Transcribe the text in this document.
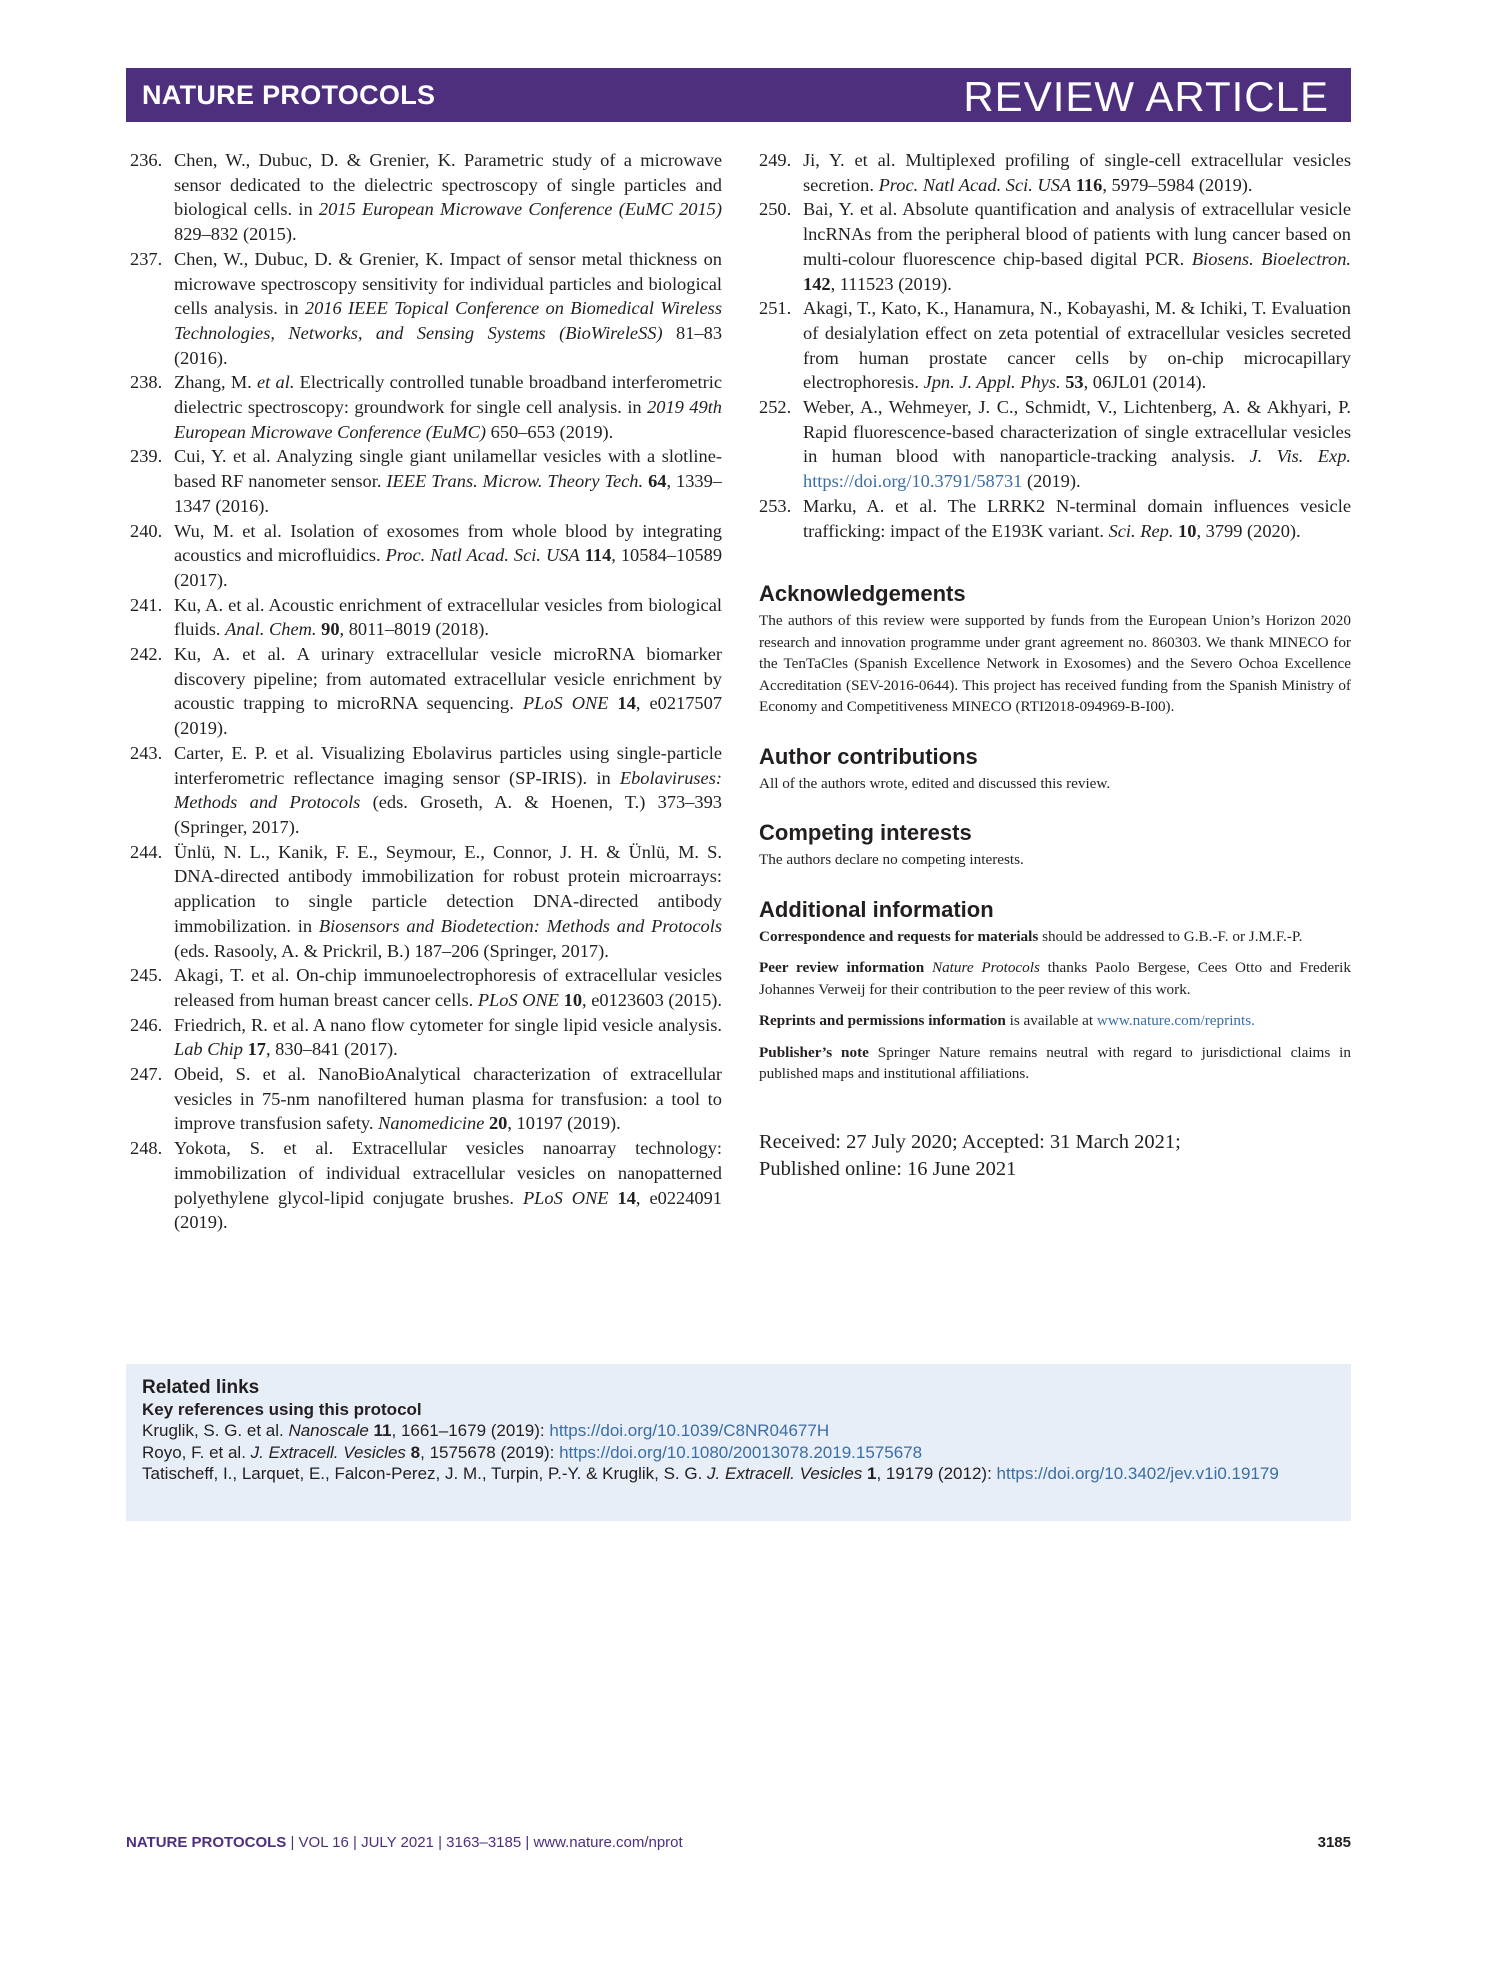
NATURE PROTOCOLS	REVIEW ARTICLE
236. Chen, W., Dubuc, D. & Grenier, K. Parametric study of a microwave sensor dedicated to the dielectric spectroscopy of single particles and biological cells. in 2015 European Microwave Conference (EuMC 2015) 829–832 (2015).
237. Chen, W., Dubuc, D. & Grenier, K. Impact of sensor metal thickness on microwave spectroscopy sensitivity for individual particles and biological cells analysis. in 2016 IEEE Topical Conference on Biomedical Wireless Technologies, Networks, and Sensing Systems (BioWireleSS) 81–83 (2016).
238. Zhang, M. et al. Electrically controlled tunable broadband interferometric dielectric spectroscopy: groundwork for single cell analysis. in 2019 49th European Microwave Conference (EuMC) 650–653 (2019).
239. Cui, Y. et al. Analyzing single giant unilamellar vesicles with a slotline-based RF nanometer sensor. IEEE Trans. Microw. Theory Tech. 64, 1339–1347 (2016).
240. Wu, M. et al. Isolation of exosomes from whole blood by integrating acoustics and microfluidics. Proc. Natl Acad. Sci. USA 114, 10584–10589 (2017).
241. Ku, A. et al. Acoustic enrichment of extracellular vesicles from biological fluids. Anal. Chem. 90, 8011–8019 (2018).
242. Ku, A. et al. A urinary extracellular vesicle microRNA biomarker discovery pipeline; from automated extracellular vesicle enrichment by acoustic trapping to microRNA sequencing. PLoS ONE 14, e0217507 (2019).
243. Carter, E. P. et al. Visualizing Ebolavirus particles using single-particle interferometric reflectance imaging sensor (SP-IRIS). in Ebolaviruses: Methods and Protocols (eds. Groseth, A. & Hoenen, T.) 373–393 (Springer, 2017).
244. Ünlü, N. L., Kanik, F. E., Seymour, E., Connor, J. H. & Ünlü, M. S. DNA-directed antibody immobilization for robust protein microarrays: application to single particle detection DNA-directed antibody immobilization. in Biosensors and Biodetection: Methods and Protocols (eds. Rasooly, A. & Prickril, B.) 187–206 (Springer, 2017).
245. Akagi, T. et al. On-chip immunoelectrophoresis of extracellular vesicles released from human breast cancer cells. PLoS ONE 10, e0123603 (2015).
246. Friedrich, R. et al. A nano flow cytometer for single lipid vesicle analysis. Lab Chip 17, 830–841 (2017).
247. Obeid, S. et al. NanoBioAnalytical characterization of extracellular vesicles in 75-nm nanofiltered human plasma for transfusion: a tool to improve transfusion safety. Nanomedicine 20, 10197 (2019).
248. Yokota, S. et al. Extracellular vesicles nanoarray technology: immobilization of individual extracellular vesicles on nanopatterned polyethylene glycol-lipid conjugate brushes. PLoS ONE 14, e0224091 (2019).
249. Ji, Y. et al. Multiplexed profiling of single-cell extracellular vesicles secretion. Proc. Natl Acad. Sci. USA 116, 5979–5984 (2019).
250. Bai, Y. et al. Absolute quantification and analysis of extracellular vesicle lncRNAs from the peripheral blood of patients with lung cancer based on multi-colour fluorescence chip-based digital PCR. Biosens. Bioelectron. 142, 111523 (2019).
251. Akagi, T., Kato, K., Hanamura, N., Kobayashi, M. & Ichiki, T. Evaluation of desialylation effect on zeta potential of extracellular vesicles secreted from human prostate cancer cells by on-chip microcapillary electrophoresis. Jpn. J. Appl. Phys. 53, 06JL01 (2014).
252. Weber, A., Wehmeyer, J. C., Schmidt, V., Lichtenberg, A. & Akhyari, P. Rapid fluorescence-based characterization of single extracellular vesicles in human blood with nanoparticle-tracking analysis. J. Vis. Exp. https://doi.org/10.3791/58731 (2019).
253. Marku, A. et al. The LRRK2 N-terminal domain influences vesicle trafficking: impact of the E193K variant. Sci. Rep. 10, 3799 (2020).
Acknowledgements

The authors of this review were supported by funds from the European Union’s Horizon 2020 research and innovation programme under grant agreement no. 860303. We thank MINECO for the TenTaCles (Spanish Excellence Network in Exosomes) and the Severo Ochoa Excellence Accreditation (SEV-2016-0644). This project has received funding from the Spanish Ministry of Economy and Competitiveness MINECO (RTI2018-094969-B-I00).

Author contributions

All of the authors wrote, edited and discussed this review.

Competing interests

The authors declare no competing interests.

Additional information

Correspondence and requests for materials should be addressed to G.B.-F. or J.M.F.-P.

Peer review information Nature Protocols thanks Paolo Bergese, Cees Otto and Frederik Johannes Verweij for their contribution to the peer review of this work.

Reprints and permissions information is available at www.nature.com/reprints.

Publisher’s note Springer Nature remains neutral with regard to jurisdictional claims in published maps and institutional affiliations.

Received: 27 July 2020; Accepted: 31 March 2021;
Published online: 16 June 2021
Related links
Key references using this protocol
Kruglik, S. G. et al. Nanoscale 11, 1661–1679 (2019): https://doi.org/10.1039/C8NR04677H
Royo, F. et al. J. Extracell. Vesicles 8, 1575678 (2019): https://doi.org/10.1080/20013078.2019.1575678
Tatischeff, I., Larquet, E., Falcon-Perez, J. M., Turpin, P.-Y. & Kruglik, S. G. J. Extracell. Vesicles 1, 19179 (2012): https://doi.org/10.3402/jev.v1i0.19179
NATURE PROTOCOLS | VOL 16 | JULY 2021 | 3163–3185 | www.nature.com/nprot	3185
